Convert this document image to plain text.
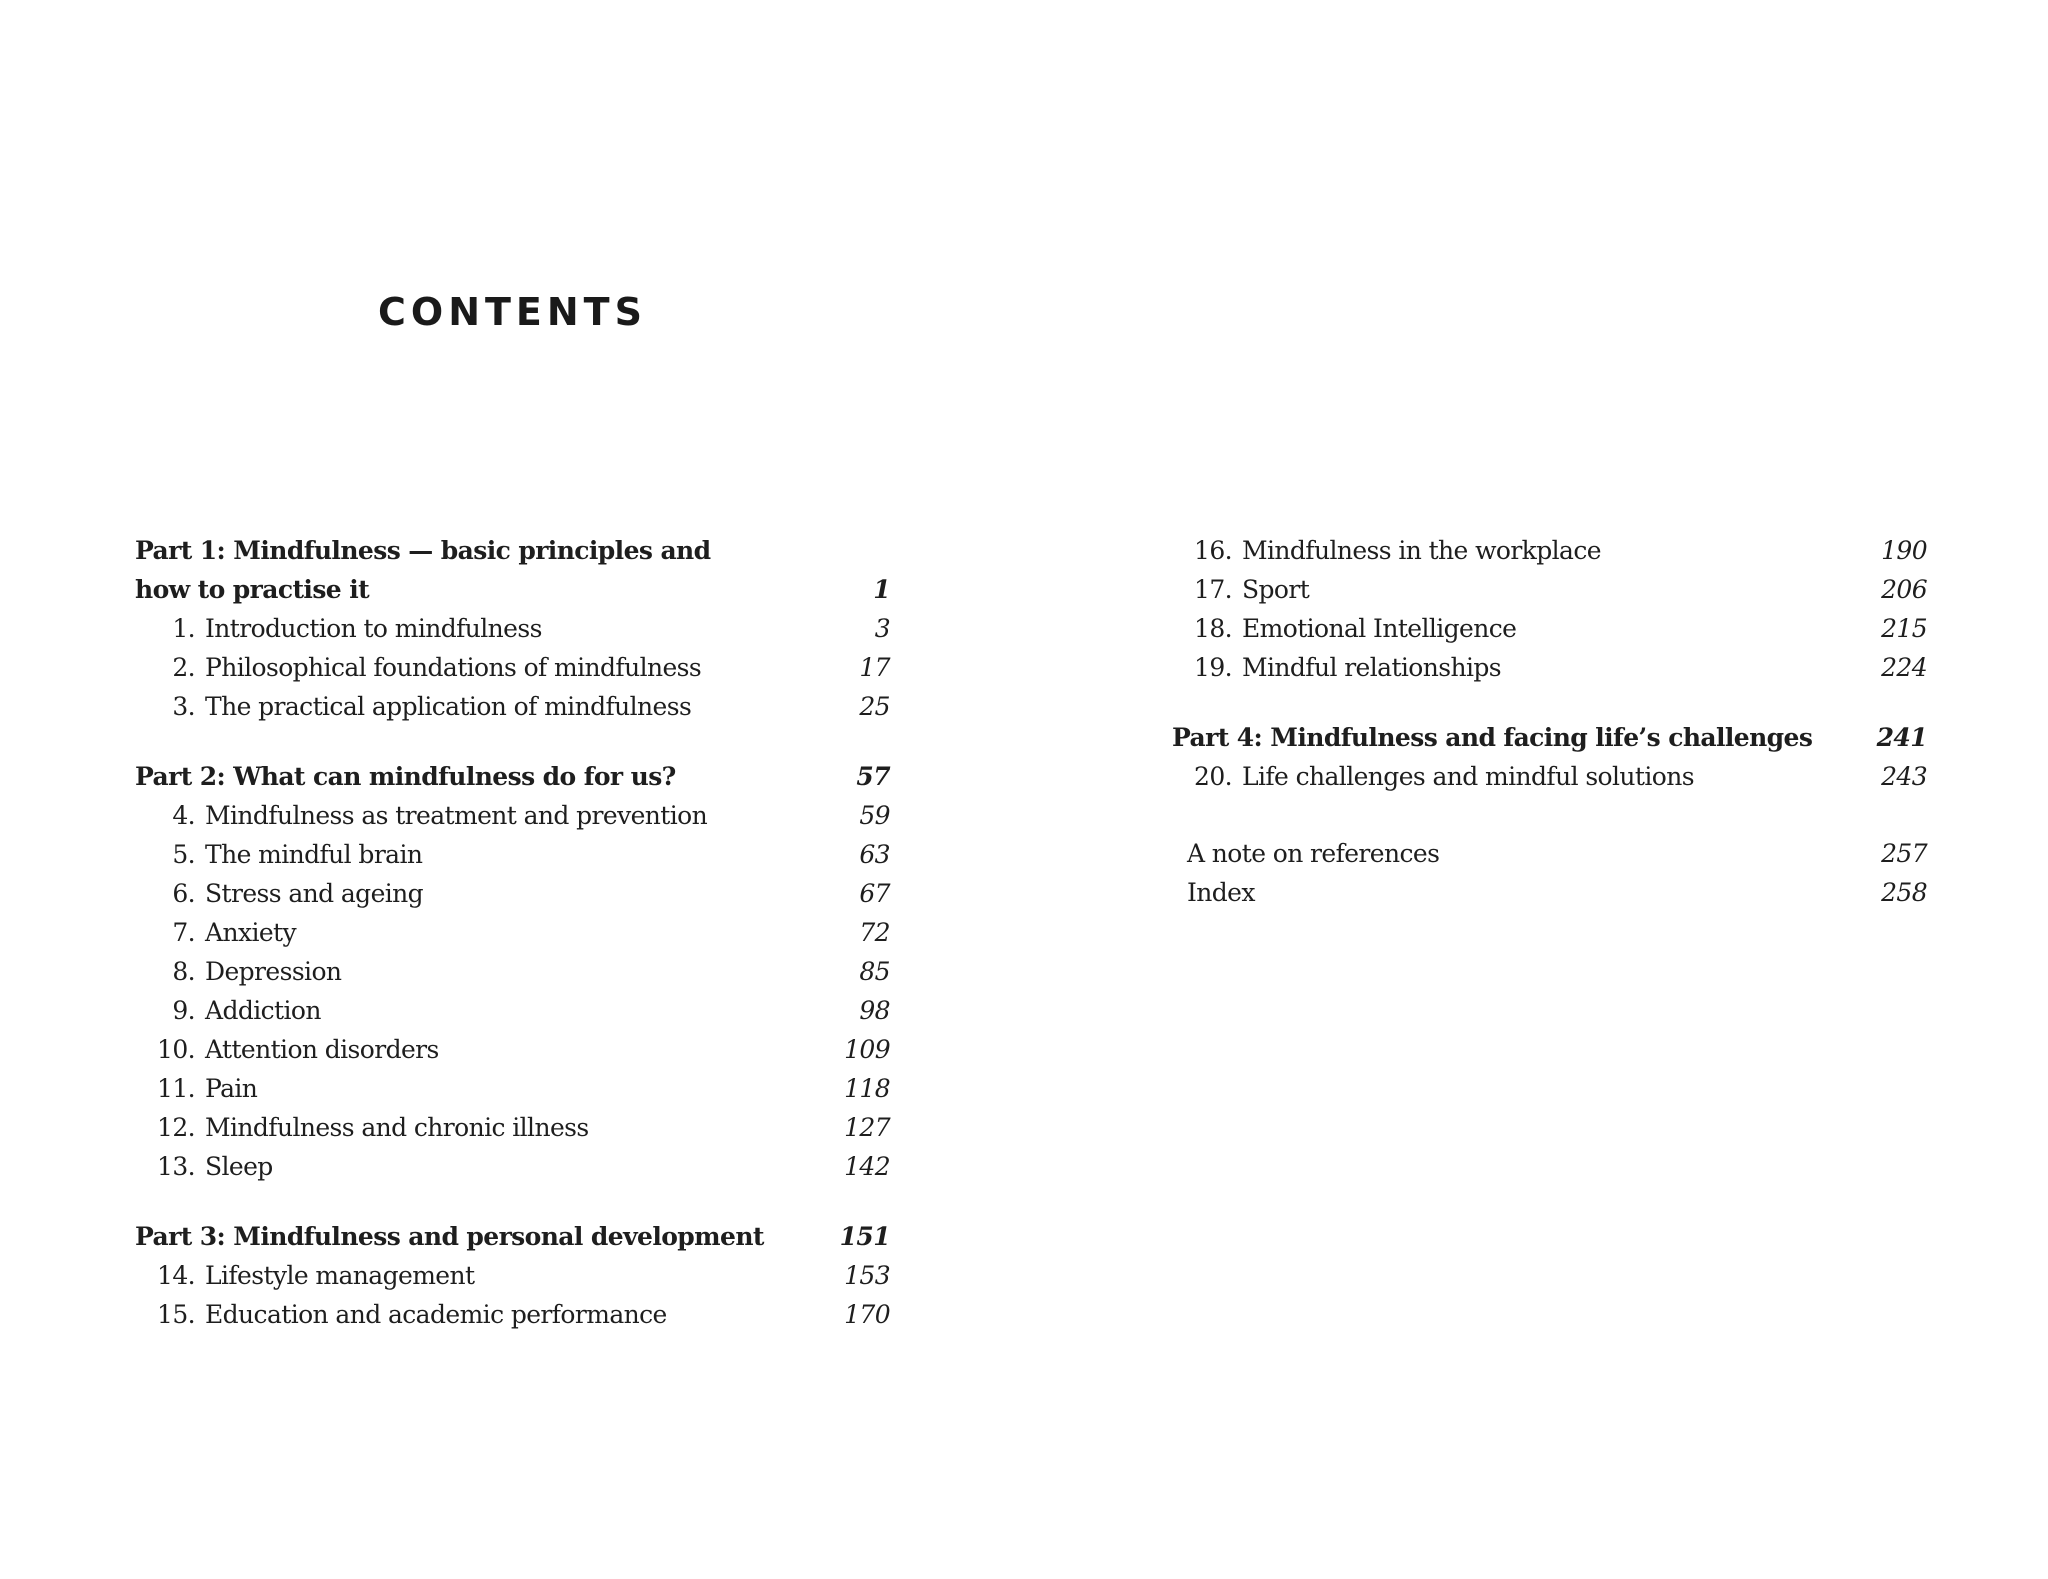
CONTENTS
Part 1: Mindfulness — basic principles and how to practise it	1
1. Introduction to mindfulness	3
2. Philosophical foundations of mindfulness	17
3. The practical application of mindfulness	25
Part 2: What can mindfulness do for us?	57
4. Mindfulness as treatment and prevention	59
5. The mindful brain	63
6. Stress and ageing	67
7. Anxiety	72
8. Depression	85
9. Addiction	98
10. Attention disorders	109
11. Pain	118
12. Mindfulness and chronic illness	127
13. Sleep	142
Part 3: Mindfulness and personal development	151
14. Lifestyle management	153
15. Education and academic performance	170
16. Mindfulness in the workplace	190
17. Sport	206
18. Emotional Intelligence	215
19. Mindful relationships	224
Part 4: Mindfulness and facing life’s challenges	241
20. Life challenges and mindful solutions	243
A note on references	257
Index	258
